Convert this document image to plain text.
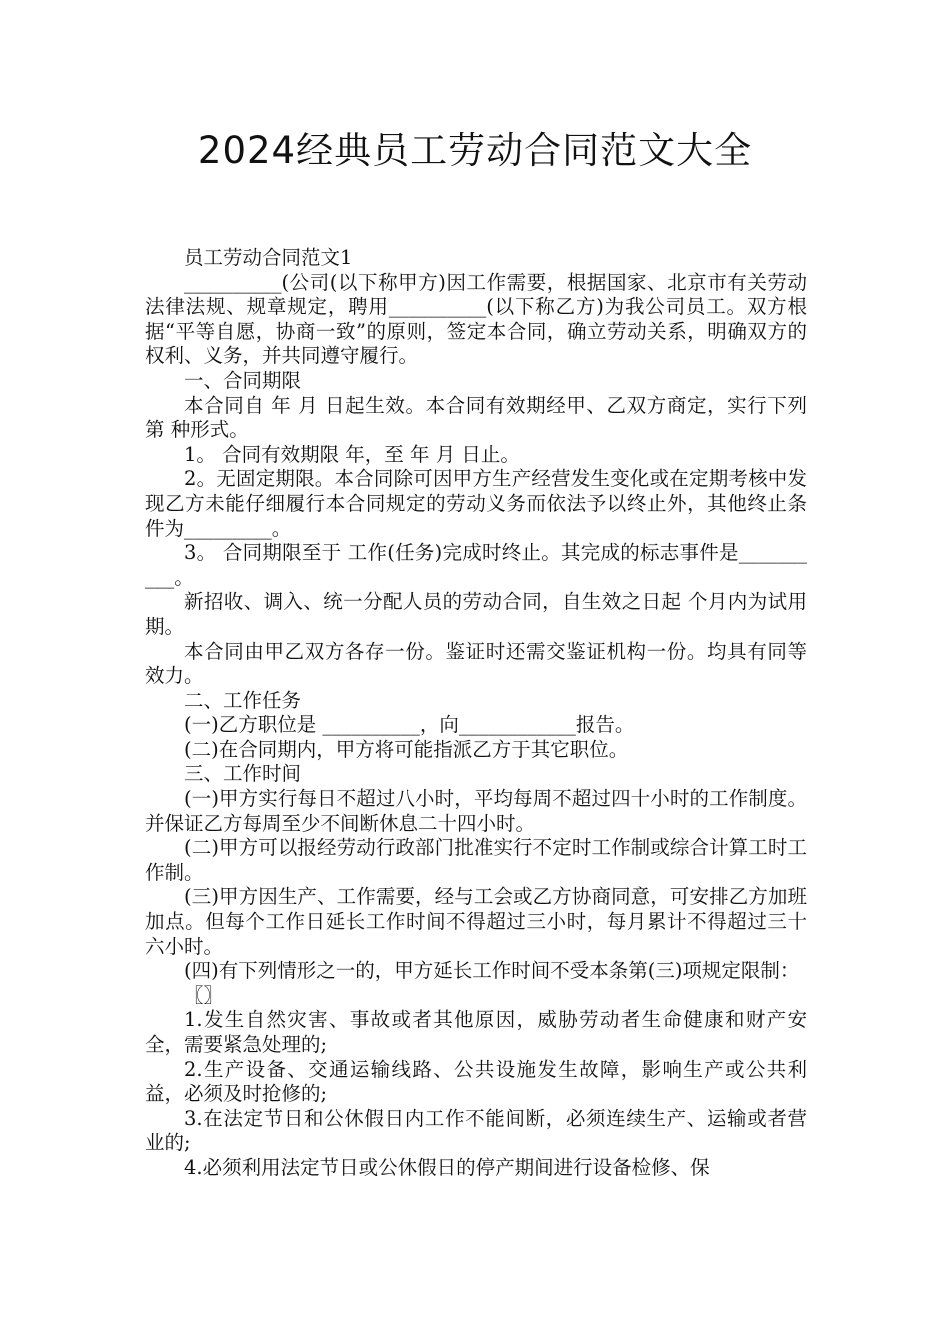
2024经典员工劳动合同范文大全

员工劳动合同范文1

__________(公司(以下称甲方)因工作需要，根据国家、北京市有关劳动法律法规、规章规定，聘用__________(以下称乙方)为我公司员工。双方根据“平等自愿，协商一致”的原则，签定本合同，确立劳动关系，明确双方的权利、义务，并共同遵守履行。

一、合同期限

本合同自 年 月 日起生效。本合同有效期经甲、乙双方商定，实行下列第 种形式。

1。 合同有效期限 年，至 年 月 日止。

2。无固定期限。本合同除可因甲方生产经营发生变化或在定期考核中发现乙方未能仔细履行本合同规定的劳动义务而依法予以终止外，其他终止条件为_________。

3。 合同期限至于 工作(任务)完成时终止。其完成的标志事件是__________。

新招收、调入、统一分配人员的劳动合同，自生效之日起 个月内为试用期。

本合同由甲乙双方各存一份。鉴证时还需交鉴证机构一份。均具有同等效力。

二、工作任务

(一)乙方职位是 __________，向____________报告。

(二)在合同期内，甲方将可能指派乙方于其它职位。

三、工作时间

(一)甲方实行每日不超过八小时，平均每周不超过四十小时的工作制度。并保证乙方每周至少不间断休息二十四小时。

(二)甲方可以报经劳动行政部门批准实行不定时工作制或综合计算工时工作制。

(三)甲方因生产、工作需要，经与工会或乙方协商同意，可安排乙方加班加点。但每个工作日延长工作时间不得超过三小时，每月累计不得超过三十六小时。

(四)有下列情形之一的，甲方延长工作时间不受本条第(三)项规定限制：

〖〗

1.发生自然灾害、事故或者其他原因，威胁劳动者生命健康和财产安全，需要紧急处理的;

2.生产设备、交通运输线路、公共设施发生故障，影响生产或公共利益，必须及时抢修的;

3.在法定节日和公休假日内工作不能间断，必须连续生产、运输或者营业的;

4.必须利用法定节日或公休假日的停产期间进行设备检修、保
